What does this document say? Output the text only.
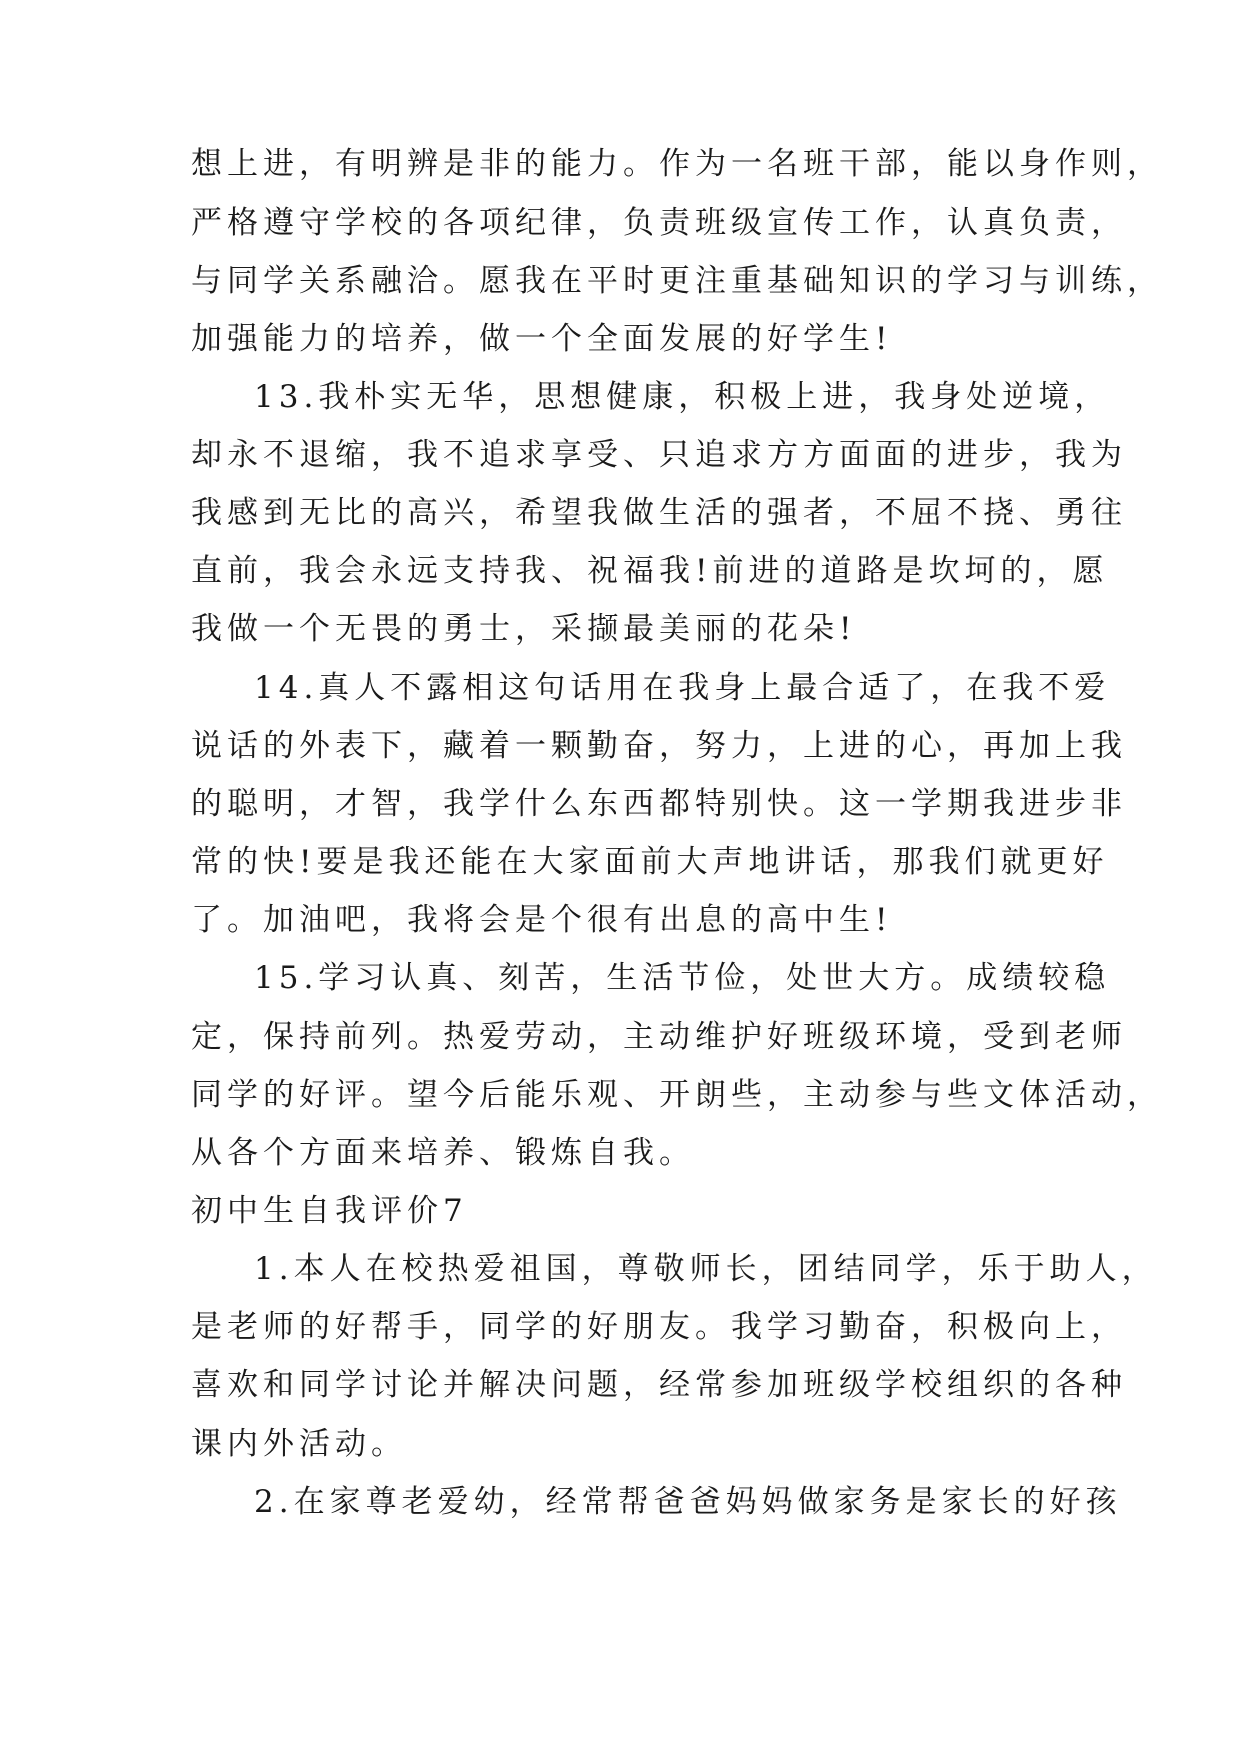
想上进，有明辨是非的能力。作为一名班干部，能以身作则，
严格遵守学校的各项纪律，负责班级宣传工作，认真负责，
与同学关系融洽。愿我在平时更注重基础知识的学习与训练，
加强能力的培养，做一个全面发展的好学生!
13.我朴实无华，思想健康，积极上进，我身处逆境，
却永不退缩，我不追求享受、只追求方方面面的进步，我为
我感到无比的高兴，希望我做生活的强者，不屈不挠、勇往
直前，我会永远支持我、祝福我!前进的道路是坎坷的，愿
我做一个无畏的勇士，采撷最美丽的花朵!
14.真人不露相这句话用在我身上最合适了，在我不爱
说话的外表下，藏着一颗勤奋，努力，上进的心，再加上我
的聪明，才智，我学什么东西都特别快。这一学期我进步非
常的快!要是我还能在大家面前大声地讲话，那我们就更好
了。加油吧，我将会是个很有出息的高中生!
15.学习认真、刻苦，生活节俭，处世大方。成绩较稳
定，保持前列。热爱劳动，主动维护好班级环境，受到老师
同学的好评。望今后能乐观、开朗些，主动参与些文体活动，
从各个方面来培养、锻炼自我。
初中生自我评价7
1.本人在校热爱祖国，尊敬师长，团结同学，乐于助人，
是老师的好帮手，同学的好朋友。我学习勤奋，积极向上，
喜欢和同学讨论并解决问题，经常参加班级学校组织的各种
课内外活动。
2.在家尊老爱幼，经常帮爸爸妈妈做家务是家长的好孩
